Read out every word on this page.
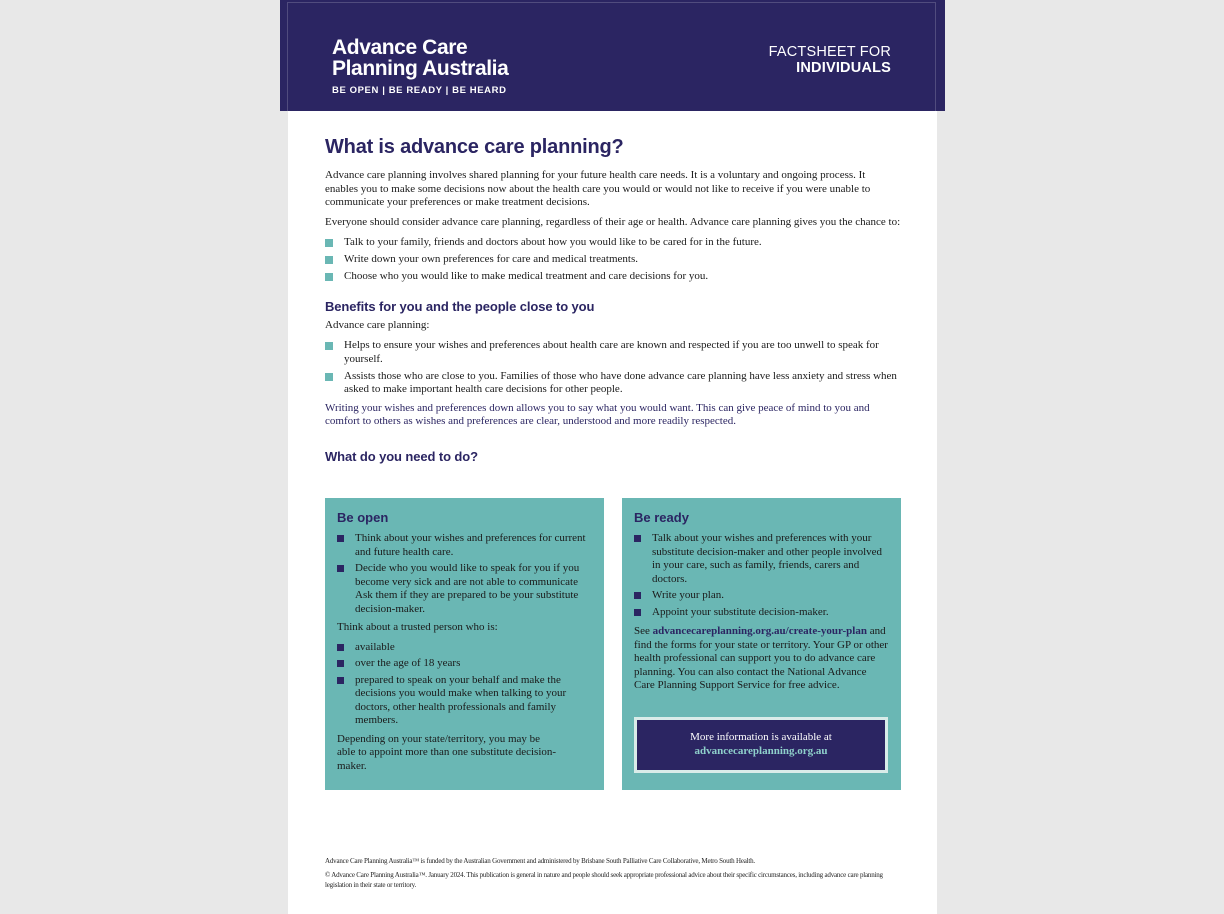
Advance Care
Planning Australia
BE OPEN | BE READY | BE HEARD
FACTSHEET FOR
INDIVIDUALS
What is advance care planning?

Advance care planning involves shared planning for your future health care needs. It is a voluntary and ongoing process. It enables you to make some decisions now about the health care you would or would not like to receive if you were unable to communicate your preferences or make treatment decisions.

Everyone should consider advance care planning, regardless of their age or health. Advance care planning gives you the chance to:

Talk to your family, friends and doctors about how you would like to be cared for in the future.
Write down your own preferences for care and medical treatments.
Choose who you would like to make medical treatment and care decisions for you.
Benefits for you and the people close to you

Advance care planning:

Helps to ensure your wishes and preferences about health care are known and respected if you are too unwell to speak for yourself.
Assists those who are close to you. Families of those who have done advance care planning have less anxiety and stress when asked to make important health care decisions for other people.

Writing your wishes and preferences down allows you to say what you would want. This can give peace of mind to you and comfort to others as wishes and preferences are clear, understood and more readily respected.

What do you need to do?
Be open
Think about your wishes and preferences for current and future health care.
Decide who you would like to speak for you if you become very sick and are not able to communicate Ask them if they are prepared to be your substitute decision-maker.

Think about a trusted person who is:

available
over the age of 18 years
prepared to speak on your behalf and make the decisions you would make when talking to your doctors, other health professionals and family members.

Depending on your state/territory, you may be able to appoint more than one substitute decision-maker.

Be ready
Talk about your wishes and preferences with your substitute decision-maker and other people involved in your care, such as family, friends, carers and doctors.
Write your plan.
Appoint your substitute decision-maker.

See advancecareplanning.org.au/create-your-plan and find the forms for your state or territory. Your GP or other health professional can support you to do advance care planning. You can also contact the National Advance Care Planning Support Service for free advice.

More information is available at
advancecareplanning.org.au
Advance Care Planning Australia™ is funded by the Australian Government and administered by Brisbane South Palliative Care Collaborative, Metro South Health.
© Advance Care Planning Australia™. January 2024. This publication is general in nature and people should seek appropriate professional advice about their specific circumstances, including advance care planning legislation in their state or territory.
